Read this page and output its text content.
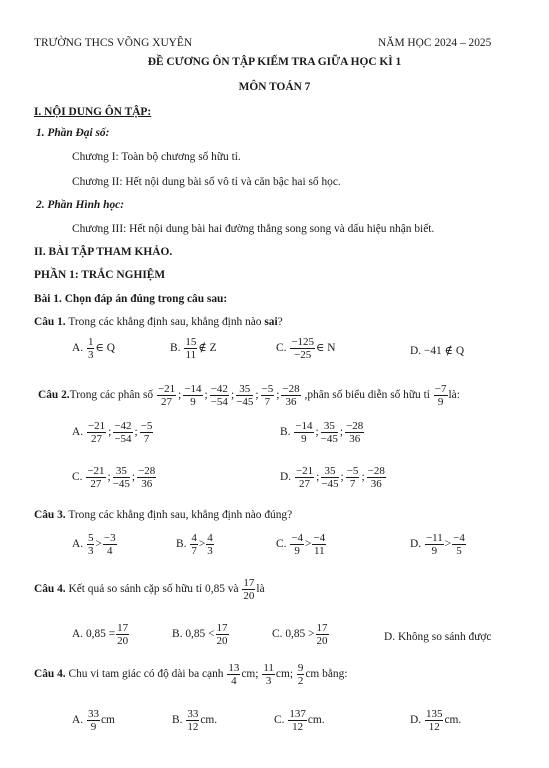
TRƯỜNG THCS VÕNG XUYÊN	NĂM HỌC 2024 – 2025
ĐỀ CƯƠNG ÔN TẬP KIỂM TRA GIỮA HỌC KÌ 1
MÔN TOÁN 7
I. NỘI DUNG ÔN TẬP:
1. Phần Đại số:
Chương I: Toàn bộ chương số hữu tỉ.
Chương II: Hết nội dung bài số vô tỉ và căn bậc hai số học.
2. Phần Hình học:
Chương III: Hết nội dung bài hai đường thẳng song song và dấu hiệu nhận biết.
II. BÀI TẬP THAM KHẢO.
PHẦN 1: TRẮC NGHIỆM
Bài 1. Chọn đáp án đúng trong câu sau:
Câu 1. Trong các khẳng định sau, khẳng định nào sai?
A. $\frac{1}{3}$ ∈ Q	B. $\frac{15}{11}$ ∉ Z	C. $\frac{-125}{-25}$ ∈ N	D. −41 ∉ Q
Câu 2.Trong các phân số $\frac{-21}{27}$ ; $\frac{-14}{9}$ ; $\frac{-42}{-54}$ ; $\frac{35}{-45}$ ; $\frac{-5}{7}$ ; $\frac{-28}{36}$ ,phân số biểu diễn số hữu tỉ $\frac{-7}{9}$ là:
A. $\frac{-21}{27}$ ; $\frac{-42}{-54}$ ; $\frac{-5}{7}$	B. $\frac{-14}{9}$ ; $\frac{35}{-45}$ ; $\frac{-28}{36}$
C. $\frac{-21}{27}$ ; $\frac{35}{-45}$ ; $\frac{-28}{36}$	D. $\frac{-21}{27}$ ; $\frac{35}{-45}$ ; $\frac{-5}{7}$ ; $\frac{-28}{36}$
Câu 3. Trong các khẳng định sau, khẳng định nào đúng?
A. $\frac{5}{3} > \frac{-3}{4}$	B. $\frac{4}{7} > \frac{4}{3}$	C. $\frac{-4}{9} > \frac{-4}{11}$	D. $\frac{-11}{9} > \frac{-4}{5}$
Câu 4. Kết quả so sánh cặp số hữu tỉ 0,85 và $\frac{17}{20}$ là
A. $0,85 = \frac{17}{20}$	B. $0,85 < \frac{17}{20}$	C. $0,85 > \frac{17}{20}$	D. Không so sánh được
Câu 4. Chu vi tam giác có độ dài ba cạnh $\frac{13}{4}$ cm; $\frac{11}{3}$ cm; $\frac{9}{2}$ cm bằng:
A. $\frac{33}{9}$ cm	B. $\frac{33}{12}$ cm.	C. $\frac{137}{12}$ cm.	D. $\frac{135}{12}$ cm.
